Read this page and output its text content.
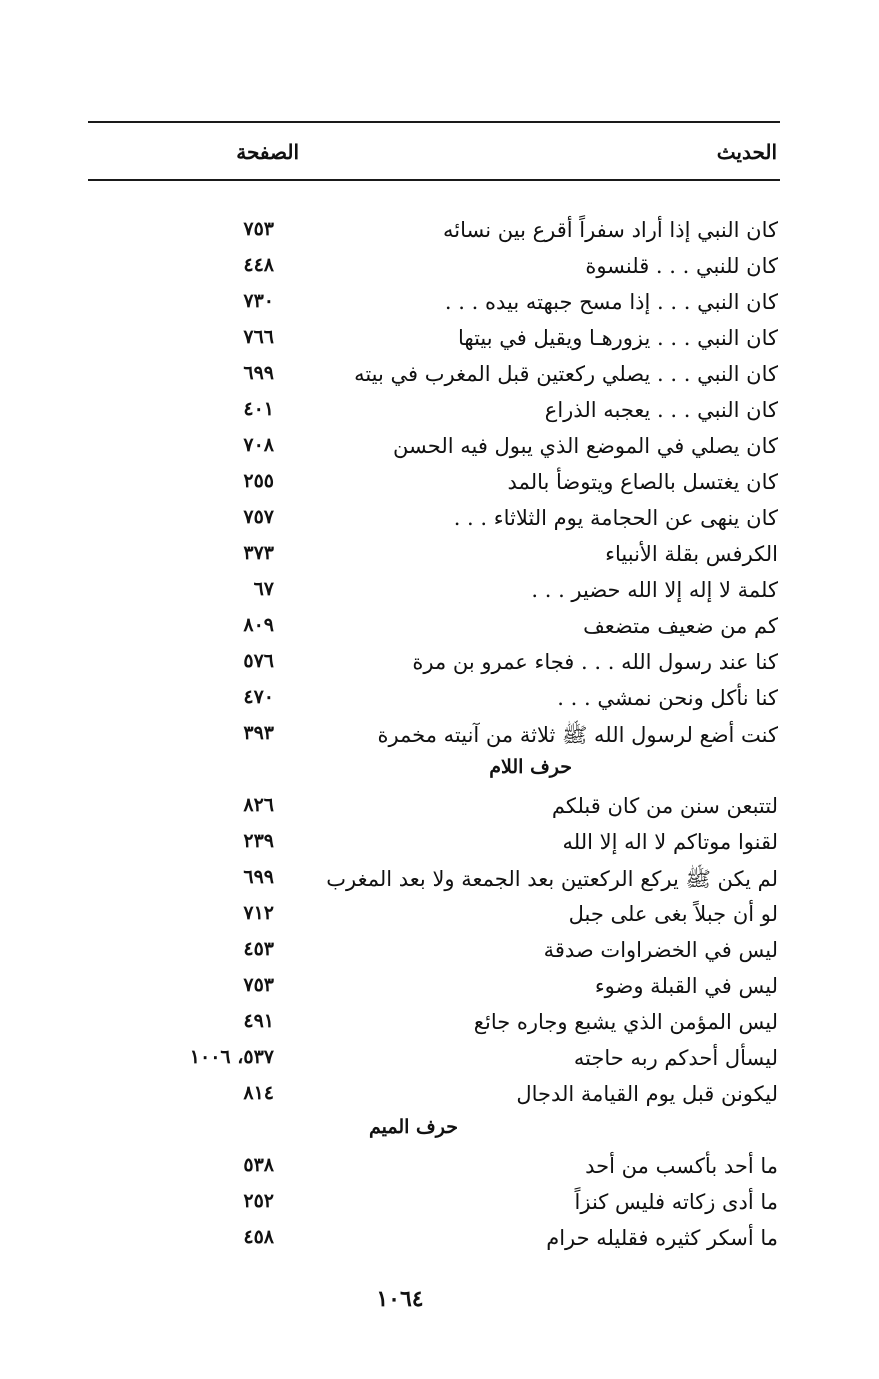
الحديث
الصفحة
كان النبي إذا أراد سفراً أقرع بين نسائه
٧٥٣
كان للنبي . . . قلنسوة
٤٤٨
كان النبي . . . إذا مسح جبهته بيده . . .
٧٣٠
كان النبي . . . يزورهـا ويقيل في بيتها
٧٦٦
كان النبي . . . يصلي ركعتين قبل المغرب في بيته
٦٩٩
كان النبي . . . يعجبه الذراع
٤٠١
كان يصلي في الموضع الذي يبول فيه الحسن
٧٠٨
كان يغتسل بالصاع ويتوضأ بالمد
٢٥٥
كان ينهى عن الحجامة يوم الثلاثاء . . .
٧٥٧
الكرفس بقلة الأنبياء
٣٧٣
كلمة لا إله إلا الله حضير . . .
٦٧
كم من ضعيف متضعف
٨٠٩
كنا عند رسول الله . . . فجاء عمرو بن مرة
٥٧٦
كنا نأكل ونحن نمشي . . .
٤٧٠
كنت أضع لرسول الله ﷺ ثلاثة من آنيته مخمرة
٣٩٣
حرف اللام
لتتبعن سنن من كان قبلكم
٨٢٦
لقنوا موتاكم لا اله إلا الله
٢٣٩
لم يكن ﷺ يركع الركعتين بعد الجمعة ولا بعد المغرب
٦٩٩
لو أن جبلاً بغى على جبل
٧١٢
ليس في الخضراوات صدقة
٤٥٣
ليس في القبلة وضوء
٧٥٣
ليس المؤمن الذي يشبع وجاره جائع
٤٩١
ليسأل أحدكم ربه حاجته
٥٣٧، ١٠٠٦
ليكونن قبل يوم القيامة الدجال
٨١٤
حرف الميم
ما أحد بأكسب من أحد
٥٣٨
ما أدى زكاته فليس كنزاً
٢٥٢
ما أسكر كثيره فقليله حرام
٤٥٨
١٠٦٤
